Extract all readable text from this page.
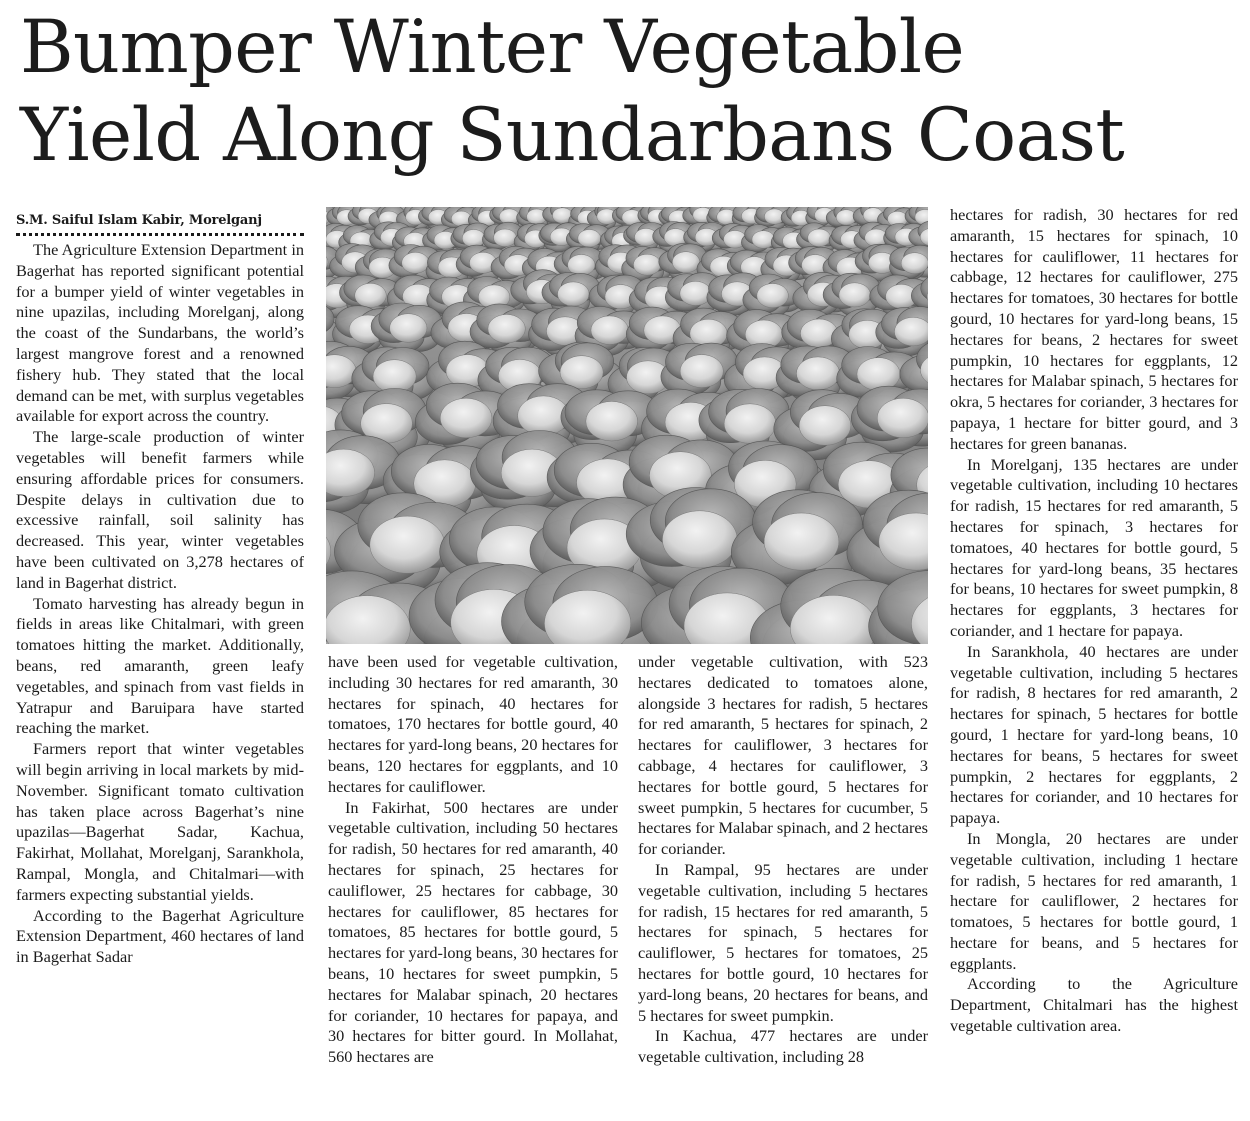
Bumper Winter Vegetable
Yield Along Sundarbans Coast
S.M. Saiful Islam Kabir, Morelganj

The Agriculture Extension Department in Bagerhat has reported significant potential for a bumper yield of winter vegetables in nine upazilas, including Morelganj, along the coast of the Sundarbans, the world’s largest mangrove forest and a renowned fishery hub. They stated that the local demand can be met, with surplus vegetables available for export across the country.

The large-scale production of winter vegetables will benefit farmers while ensuring affordable prices for consumers. Despite delays in cultivation due to excessive rainfall, soil salinity has decreased. This year, winter vegetables have been cultivated on 3,278 hectares of land in Bagerhat district.

Tomato harvesting has already begun in fields in areas like Chitalmari, with green tomatoes hitting the market. Additionally, beans, red amaranth, green leafy vegetables, and spinach from vast fields in Yatrapur and Baruipara have started reaching the market.

Farmers report that winter vegetables will begin arriving in local markets by mid-November. Significant tomato cultivation has taken place across Bagerhat’s nine upazilas—Bagerhat Sadar, Kachua, Fakirhat, Mollahat, Morelganj, Sarankhola, Rampal, Mongla, and Chitalmari—with farmers expecting substantial yields.

According to the Bagerhat Agriculture Extension Department, 460 hectares of land in Bagerhat Sadar

have been used for vegetable cultivation, including 30 hectares for red amaranth, 30 hectares for spinach, 40 hectares for tomatoes, 170 hectares for bottle gourd, 40 hectares for yard-long beans, 20 hectares for beans, 120 hectares for eggplants, and 10 hectares for cauliflower.

In Fakirhat, 500 hectares are under vegetable cultivation, including 50 hectares for radish, 50 hectares for red amaranth, 40 hectares for spinach, 25 hectares for cauliflower, 25 hectares for cabbage, 30 hectares for cauliflower, 85 hectares for tomatoes, 85 hectares for bottle gourd, 5 hectares for yard-long beans, 30 hectares for beans, 10 hectares for sweet pumpkin, 5 hectares for Malabar spinach, 20 hectares for coriander, 10 hectares for papaya, and 30 hectares for bitter gourd. In Mollahat, 560 hectares are

under vegetable cultivation, with 523 hectares dedicated to tomatoes alone, alongside 3 hectares for radish, 5 hectares for red amaranth, 5 hectares for spinach, 2 hectares for cauliflower, 3 hectares for cabbage, 4 hectares for cauliflower, 3 hectares for bottle gourd, 5 hectares for sweet pumpkin, 5 hectares for cucumber, 5 hectares for Malabar spinach, and 2 hectares for coriander.

In Rampal, 95 hectares are under vegetable cultivation, including 5 hectares for radish, 15 hectares for red amaranth, 5 hectares for spinach, 5 hectares for cauliflower, 5 hectares for tomatoes, 25 hectares for bottle gourd, 10 hectares for yard-long beans, 20 hectares for beans, and 5 hectares for sweet pumpkin.

In Kachua, 477 hectares are under vegetable cultivation, including 28

hectares for radish, 30 hectares for red amaranth, 15 hectares for spinach, 10 hectares for cauliflower, 11 hectares for cabbage, 12 hectares for cauliflower, 275 hectares for tomatoes, 30 hectares for bottle gourd, 10 hectares for yard-long beans, 15 hectares for beans, 2 hectares for sweet pumpkin, 10 hectares for eggplants, 12 hectares for Malabar spinach, 5 hectares for okra, 5 hectares for coriander, 3 hectares for papaya, 1 hectare for bitter gourd, and 3 hectares for green bananas.

In Morelganj, 135 hectares are under vegetable cultivation, including 10 hectares for radish, 15 hectares for red amaranth, 5 hectares for spinach, 3 hectares for tomatoes, 40 hectares for bottle gourd, 5 hectares for yard-long beans, 35 hectares for beans, 10 hectares for sweet pumpkin, 8 hectares for eggplants, 3 hectares for coriander, and 1 hectare for papaya.

In Sarankhola, 40 hectares are under vegetable cultivation, including 5 hectares for radish, 8 hectares for red amaranth, 2 hectares for spinach, 5 hectares for bottle gourd, 1 hectare for yard-long beans, 10 hectares for beans, 5 hectares for sweet pumpkin, 2 hectares for eggplants, 2 hectares for coriander, and 10 hectares for papaya.

In Mongla, 20 hectares are under vegetable cultivation, including 1 hectare for radish, 5 hectares for red amaranth, 1 hectare for cauliflower, 2 hectares for tomatoes, 5 hectares for bottle gourd, 1 hectare for beans, and 5 hectares for eggplants.

According to the Agriculture Department, Chitalmari has the highest vegetable cultivation area.
